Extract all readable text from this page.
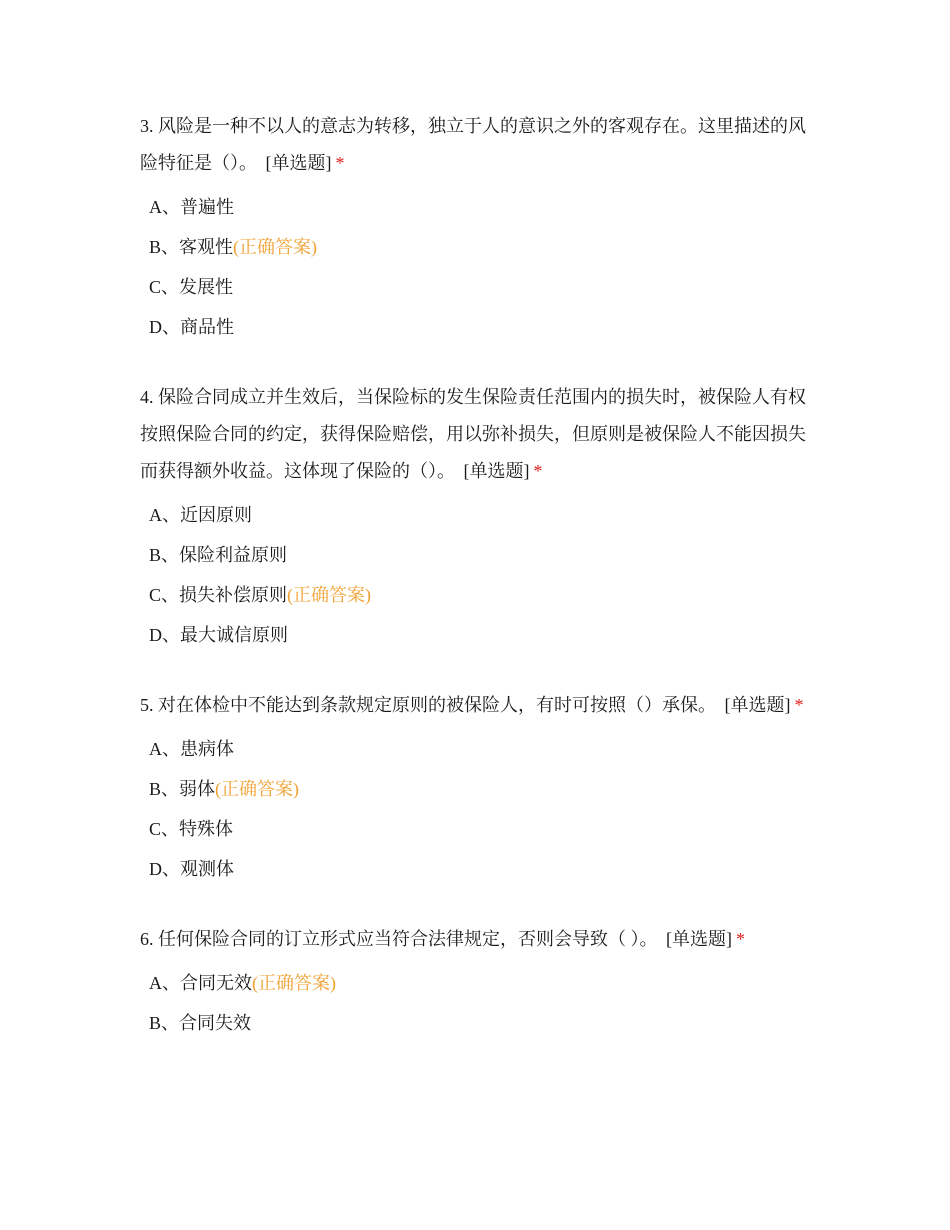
3. 风险是一种不以人的意志为转移，独立于人的意识之外的客观存在。这里描述的风险特征是（）。 [单选题] *

A、普遍性
B、客观性(正确答案)
C、发展性
D、商品性

4. 保险合同成立并生效后，当保险标的发生保险责任范围内的损失时，被保险人有权按照保险合同的约定，获得保险赔偿，用以弥补损失，但原则是被保险人不能因损失而获得额外收益。这体现了保险的（）。 [单选题] *

A、近因原则
B、保险利益原则
C、损失补偿原则(正确答案)
D、最大诚信原则

5. 对在体检中不能达到条款规定原则的被保险人，有时可按照（）承保。 [单选题] *

A、患病体
B、弱体(正确答案)
C、特殊体
D、观测体

6. 任何保险合同的订立形式应当符合法律规定，否则会导致（ ）。 [单选题] *

A、合同无效(正确答案)
B、合同失效
